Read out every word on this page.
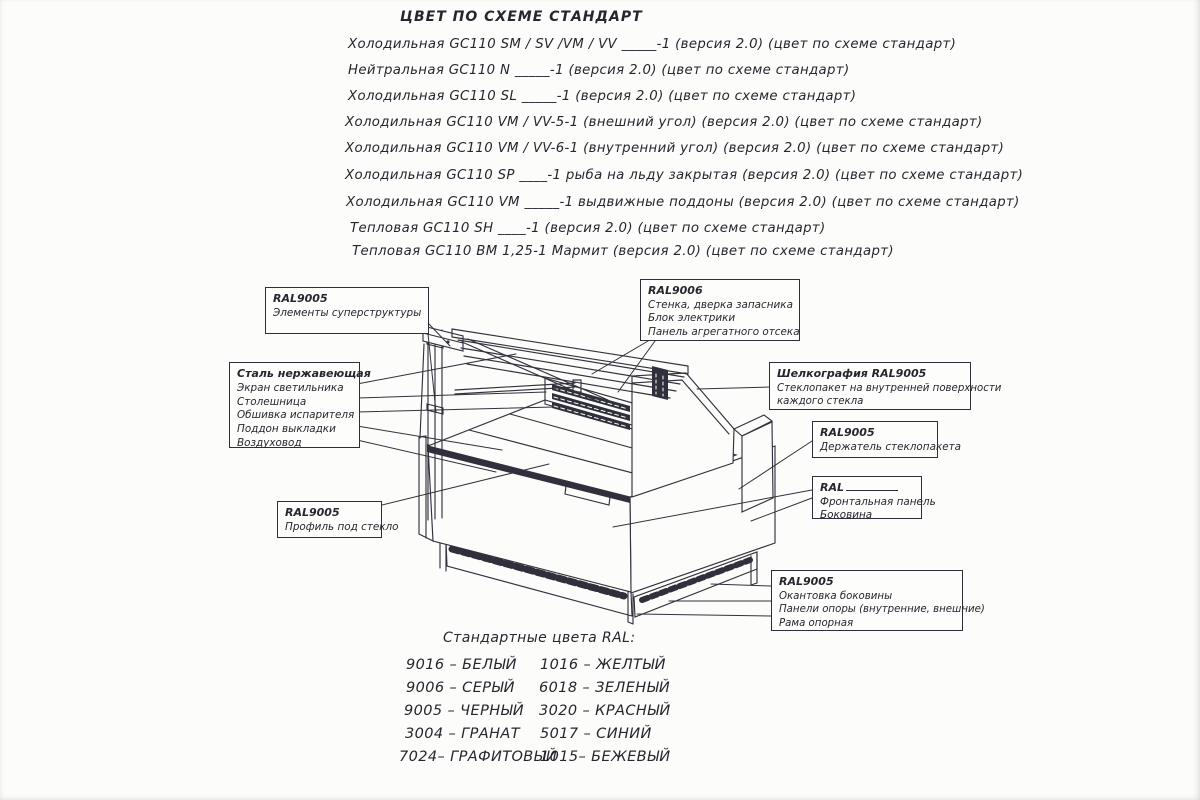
ЦВЕТ ПО СХЕМЕ СТАНДАРТ
Холодильная GC110 SM / SV /VM / VV _____-1 (версия 2.0) (цвет по схеме стандарт)
Нейтральная GC110 N _____-1 (версия 2.0) (цвет по схеме стандарт)
Холодильная GC110 SL _____-1 (версия 2.0) (цвет по схеме стандарт)
Холодильная GC110 VM / VV-5-1 (внешний угол) (версия 2.0) (цвет по схеме стандарт)
Холодильная GC110 VM / VV-6-1 (внутренний угол) (версия 2.0) (цвет по схеме стандарт)
Холодильная GC110 SP ____-1 рыба на льду закрытая (версия 2.0) (цвет по схеме стандарт)
Холодильная GC110 VM _____-1 выдвижные поддоны (версия 2.0) (цвет по схеме стандарт)
Тепловая GC110 SH ____-1 (версия 2.0) (цвет по схеме стандарт)
Тепловая GC110 BM 1,25-1 Мармит (версия 2.0) (цвет по схеме стандарт)
RAL9005
Элементы суперструктуры
RAL9006
Стенка, дверка запасника
Блок электрики
Панель агрегатного отсека
Сталь нержавеющая
Экран светильника
Столешница
Обшивка испарителя
Поддон выкладки
Воздуховод
Шелкография RAL9005
Стеклопакет на внутренней поверхности
каждого стекла
RAL9005
Держатель стеклопакета
RAL
Фронтальная панель
Боковина
RAL9005
Профиль под стекло
RAL9005
Окантовка боковины
Панели опоры (внутренние, внешние)
Рама опорная
Стандартные цвета RAL:
9016 – БЕЛЫЙ
9006 – СЕРЫЙ
9005 – ЧЕРНЫЙ
3004 – ГРАНАТ
7024– ГРАФИТОВЫЙ
1016 – ЖЕЛТЫЙ
6018 – ЗЕЛЕНЫЙ
3020 – КРАСНЫЙ
5017 – СИНИЙ
1015– БЕЖЕВЫЙ
